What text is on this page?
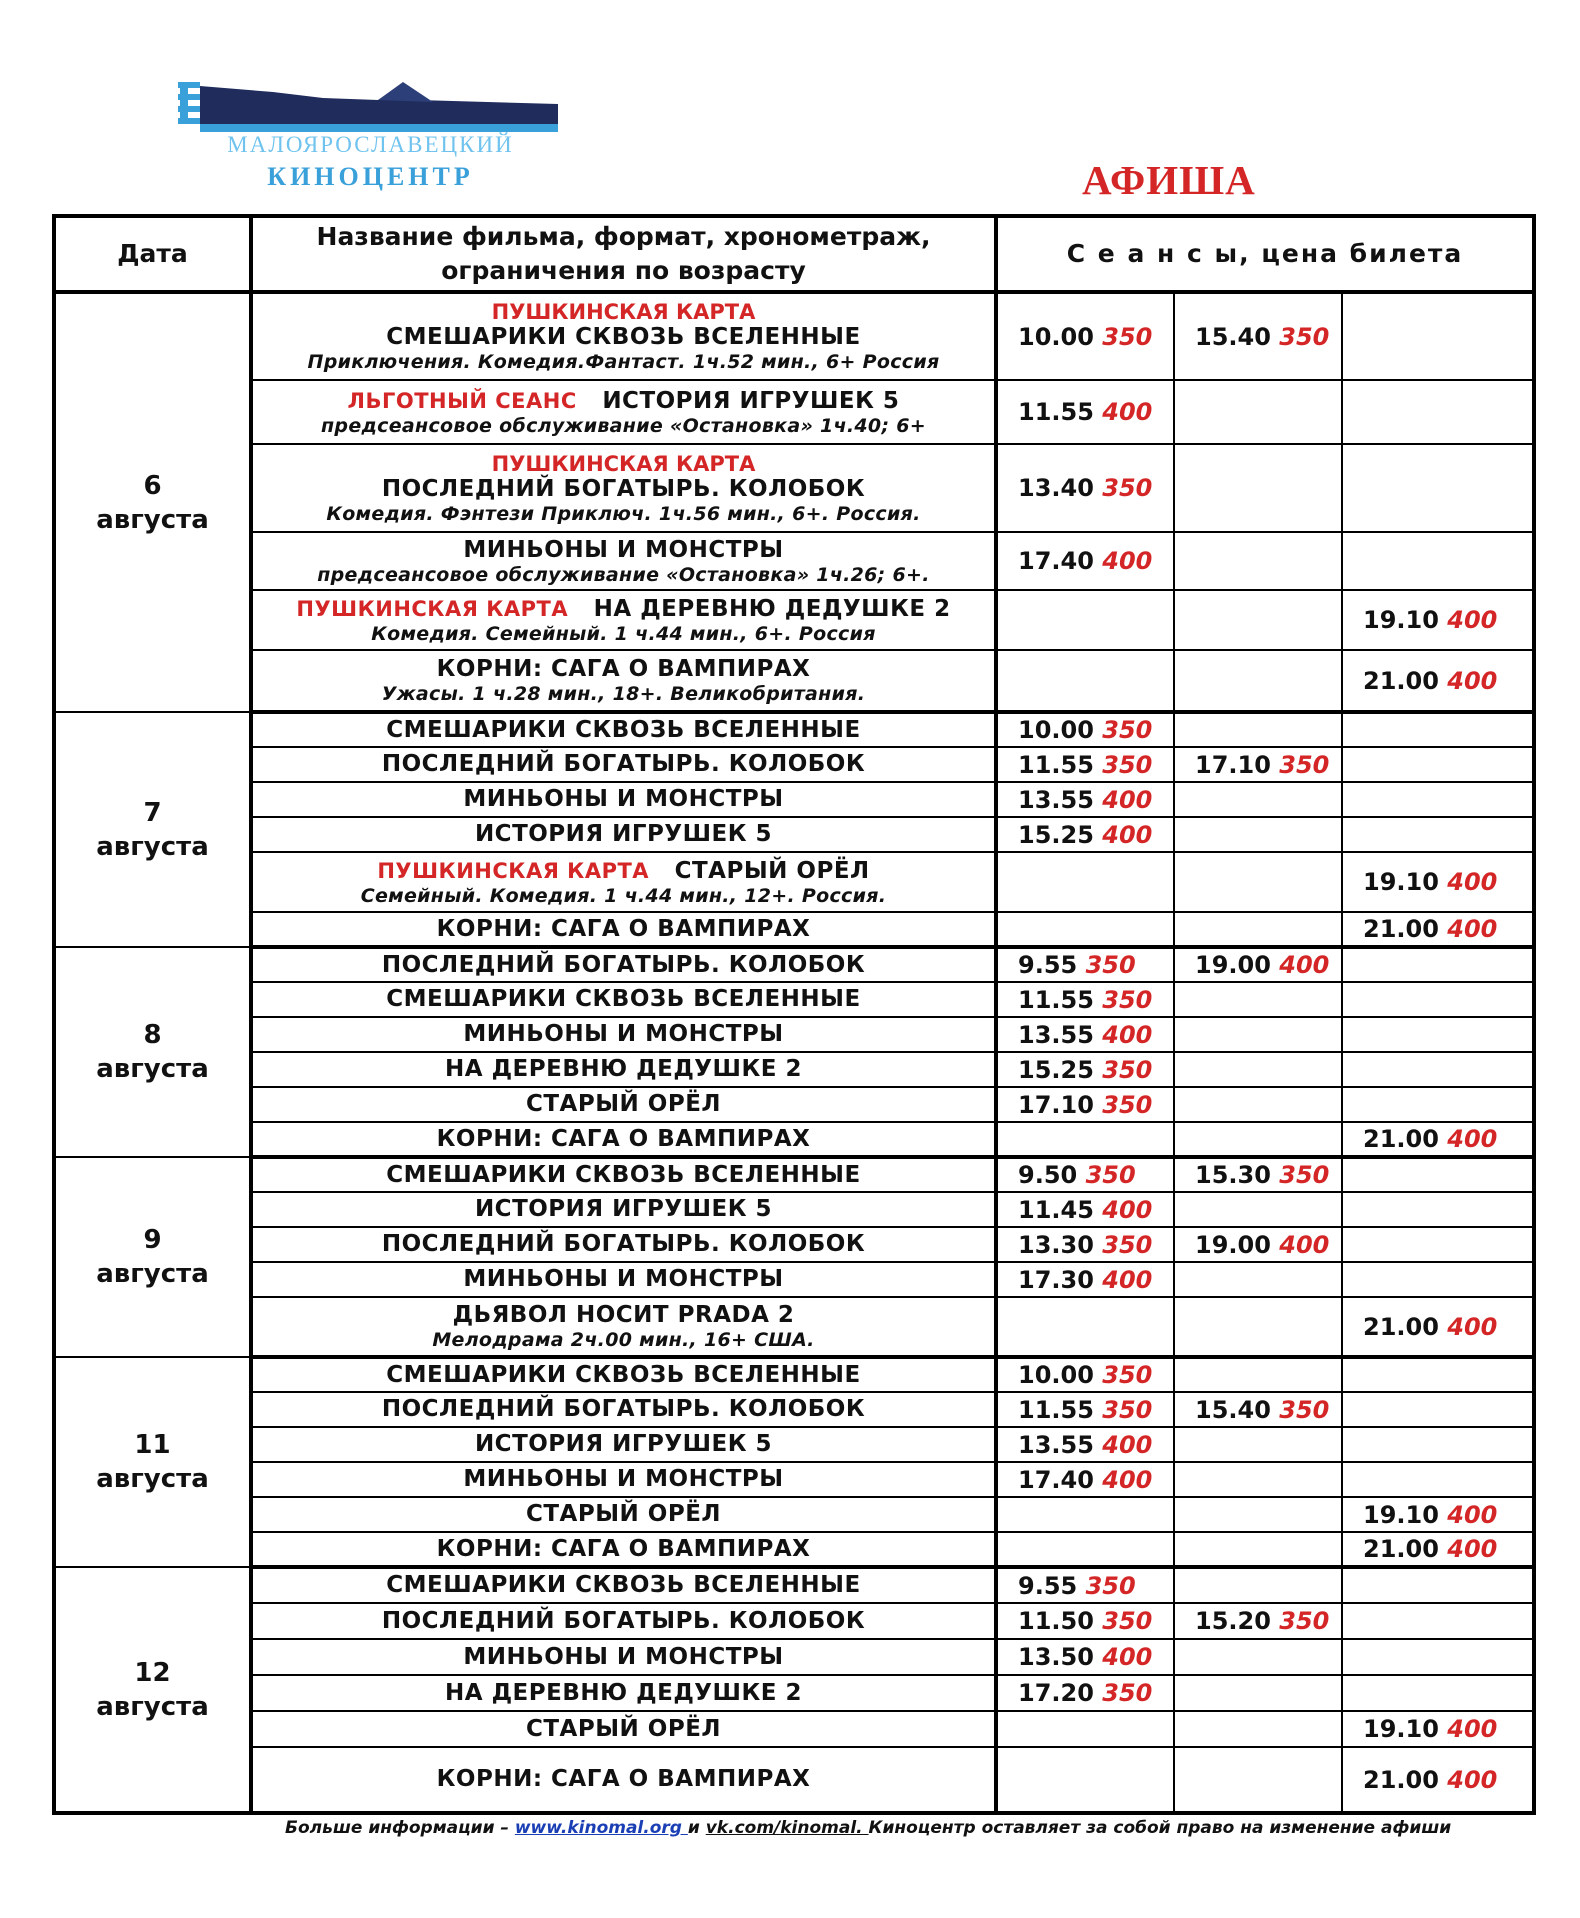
МАЛОЯРОСЛАВЕЦКИЙ
КИНОЦЕНТР	АФИША
Дата	Название фильма, формат, хронометраж,
ограничения по возрасту	С е а н с ы, цена билета		

6
августа	ПУШКИНСКАЯ КАРТА
СМЕШАРИКИ СКВОЗЬ ВСЕЛЕННЫЕ
Приключения. Комедия.Фантаст. 1ч.52 мин., 6+ Россия	10.00 350	15.40 350	

	ЛЬГОТНЫЙ СЕАНС ИСТОРИЯ ИГРУШЕК 5
предсеансовое обслуживание «Остановка» 1ч.40; 6+	11.55 400		

	ПУШКИНСКАЯ КАРТА
ПОСЛЕДНИЙ БОГАТЫРЬ. КОЛОБОК
Комедия. Фэнтези Приключ. 1ч.56 мин., 6+. Россия.	13.40 350		

	МИНЬОНЫ И МОНСТРЫ
предсеансовое обслуживание «Остановка» 1ч.26; 6+.	17.40 400		

	ПУШКИНСКАЯ КАРТА НА ДЕРЕВНЮ ДЕДУШКЕ 2
Комедия. Семейный. 1 ч.44 мин., 6+. Россия			19.10 400

	КОРНИ: САГА О ВАМПИРАХ
Ужасы. 1 ч.28 мин., 18+. Великобритания.			21.00 400

7
августа	СМЕШАРИКИ СКВОЗЬ ВСЕЛЕННЫЕ	10.00 350		

	ПОСЛЕДНИЙ БОГАТЫРЬ. КОЛОБОК	11.55 350	17.10 350	

	МИНЬОНЫ И МОНСТРЫ	13.55 400		

	ИСТОРИЯ ИГРУШЕК 5	15.25 400		

	ПУШКИНСКАЯ КАРТА СТАРЫЙ ОРЁЛ
Семейный. Комедия. 1 ч.44 мин., 12+. Россия.			19.10 400

	КОРНИ: САГА О ВАМПИРАХ			21.00 400

8
августа	ПОСЛЕДНИЙ БОГАТЫРЬ. КОЛОБОК	9.55 350	19.00 400	

	СМЕШАРИКИ СКВОЗЬ ВСЕЛЕННЫЕ	11.55 350		

	МИНЬОНЫ И МОНСТРЫ	13.55 400		

	НА ДЕРЕВНЮ ДЕДУШКЕ 2	15.25 350		

	СТАРЫЙ ОРЁЛ	17.10 350		

	КОРНИ: САГА О ВАМПИРАХ			21.00 400

9
августа	СМЕШАРИКИ СКВОЗЬ ВСЕЛЕННЫЕ	9.50 350	15.30 350	

	ИСТОРИЯ ИГРУШЕК 5	11.45 400		

	ПОСЛЕДНИЙ БОГАТЫРЬ. КОЛОБОК	13.30 350	19.00 400	

	МИНЬОНЫ И МОНСТРЫ	17.30 400		

	ДЬЯВОЛ НОСИТ PRADA 2
Мелодрама 2ч.00 мин., 16+ США.			21.00 400

11
августа	СМЕШАРИКИ СКВОЗЬ ВСЕЛЕННЫЕ	10.00 350		

	ПОСЛЕДНИЙ БОГАТЫРЬ. КОЛОБОК	11.55 350	15.40 350	

	ИСТОРИЯ ИГРУШЕК 5	13.55 400		

	МИНЬОНЫ И МОНСТРЫ	17.40 400		

	СТАРЫЙ ОРЁЛ			19.10 400

	КОРНИ: САГА О ВАМПИРАХ			21.00 400

12
августа	СМЕШАРИКИ СКВОЗЬ ВСЕЛЕННЫЕ	9.55 350		

	ПОСЛЕДНИЙ БОГАТЫРЬ. КОЛОБОК	11.50 350	15.20 350	

	МИНЬОНЫ И МОНСТРЫ	13.50 400		

	НА ДЕРЕВНЮ ДЕДУШКЕ 2	17.20 350		

	СТАРЫЙ ОРЁЛ			19.10 400

	КОРНИ: САГА О ВАМПИРАХ			21.00 400
Больше информации – www.kinomal.org и vk.com/kinomal. Киноцентр оставляет за собой право на изменение афиши
